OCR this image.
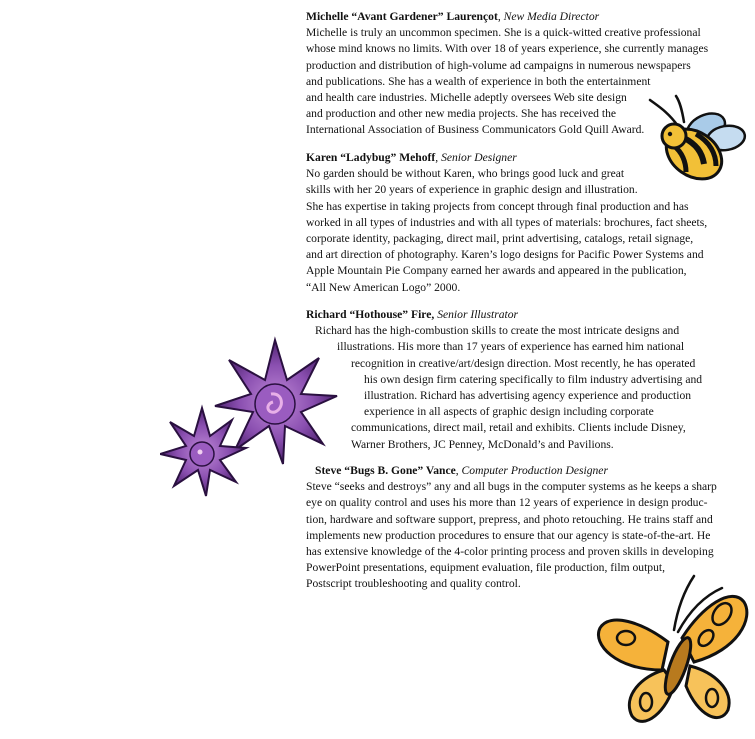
Michelle “Avant Gardener” Laurençot, New Media Director
Michelle is truly an uncommon specimen. She is a quick-witted creative professional
whose mind knows no limits. With over 18 of years experience, she currently manages
production and distribution of high-volume ad campaigns in numerous newspapers
and publications. She has a wealth of experience in both the entertainment
and health care industries. Michelle adeptly oversees Web site design
and production and other new media projects. She has received the
International Association of Business Communicators Gold Quill Award.
Karen “Ladybug” Mehoff, Senior Designer
No garden should be without Karen, who brings good luck and great
skills with her 20 years of experience in graphic design and illustration.
She has expertise in taking projects from concept through final production and has
worked in all types of industries and with all types of materials: brochures, fact sheets,
corporate identity, packaging, direct mail, print advertising, catalogs, retail signage,
and art direction of photography. Karen’s logo designs for Pacific Power Systems and
Apple Mountain Pie Company earned her awards and appeared in the publication,
“All New American Logo” 2000.
Richard “Hothouse” Fire, Senior Illustrator
Richard has the high-combustion skills to create the most intricate designs and
illustrations. His more than 17 years of experience has earned him national
recognition in creative/art/design direction. Most recently, he has operated
his own design firm catering specifically to film industry advertising and
illustration. Richard has advertising agency experience and production
experience in all aspects of graphic design including corporate
communications, direct mail, retail and exhibits. Clients include Disney,
Warner Brothers, JC Penney, McDonald’s and Pavilions.
Steve “Bugs B. Gone” Vance, Computer Production Designer
Steve “seeks and destroys” any and all bugs in the computer systems as he keeps a sharp
eye on quality control and uses his more than 12 years of experience in design produc-
tion, hardware and software support, prepress, and photo retouching. He trains staff and
implements new production procedures to ensure that our agency is state-of-the-art. He
has extensive knowledge of the 4-color printing process and proven skills in developing
PowerPoint presentations, equipment evaluation, file production, film output,
Postscript troubleshooting and quality control.
